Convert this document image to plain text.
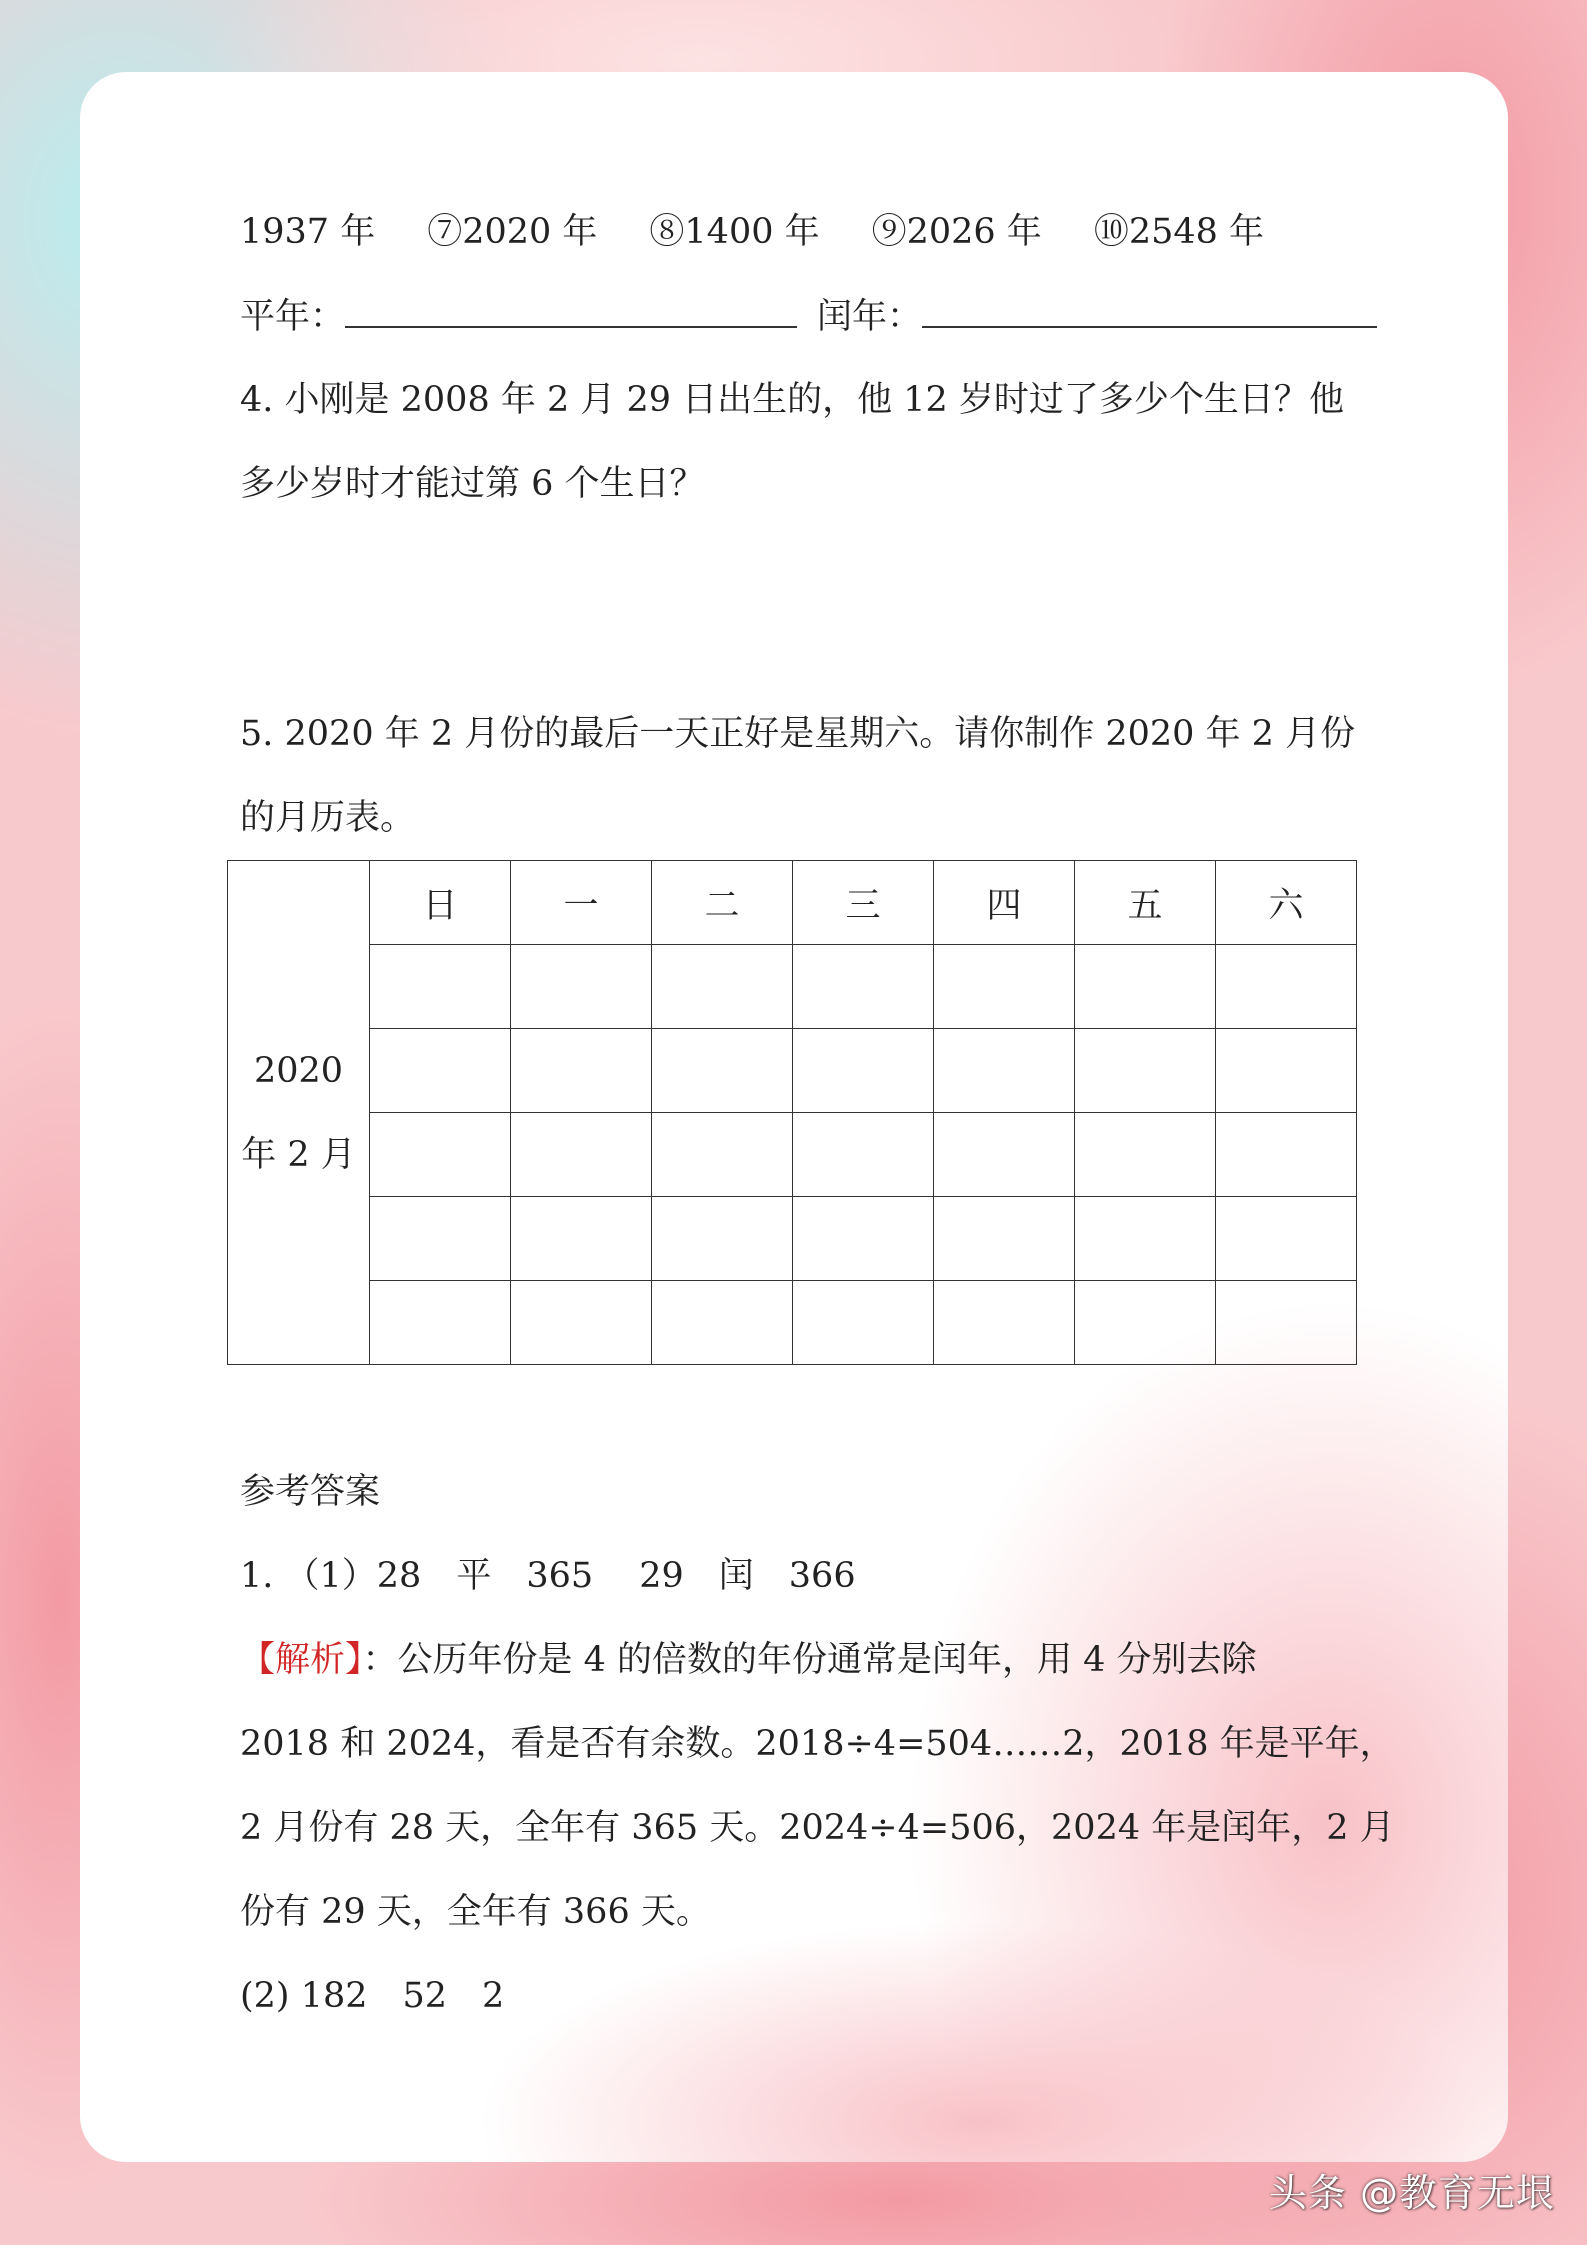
1937 年 ⑦2020 年 ⑧1400 年 ⑨2026 年 ⑩2548 年
平年：	闰年：
4. 小刚是 2008 年 2 月 29 日出生的，他 12 岁时过了多少个生日？他
多少岁时才能过第 6 个生日？
5. 2020 年 2 月份的最后一天正好是星期六。请你制作 2020 年 2 月份
的月历表。
参考答案
1. （1）28　平　365　 29　闰　366
【解析】：公历年份是 4 的倍数的年份通常是闰年，用 4 分别去除
2018 和 2024，看是否有余数。2018÷4=504……2，2018 年是平年，
2 月份有 28 天，全年有 365 天。2024÷4=506，2024 年是闰年，2 月
份有 29 天，全年有 366 天。
(2) 182　52　2
2020
年 2 月	日	一	二	三	四	五	六

头条 @教育无垠
